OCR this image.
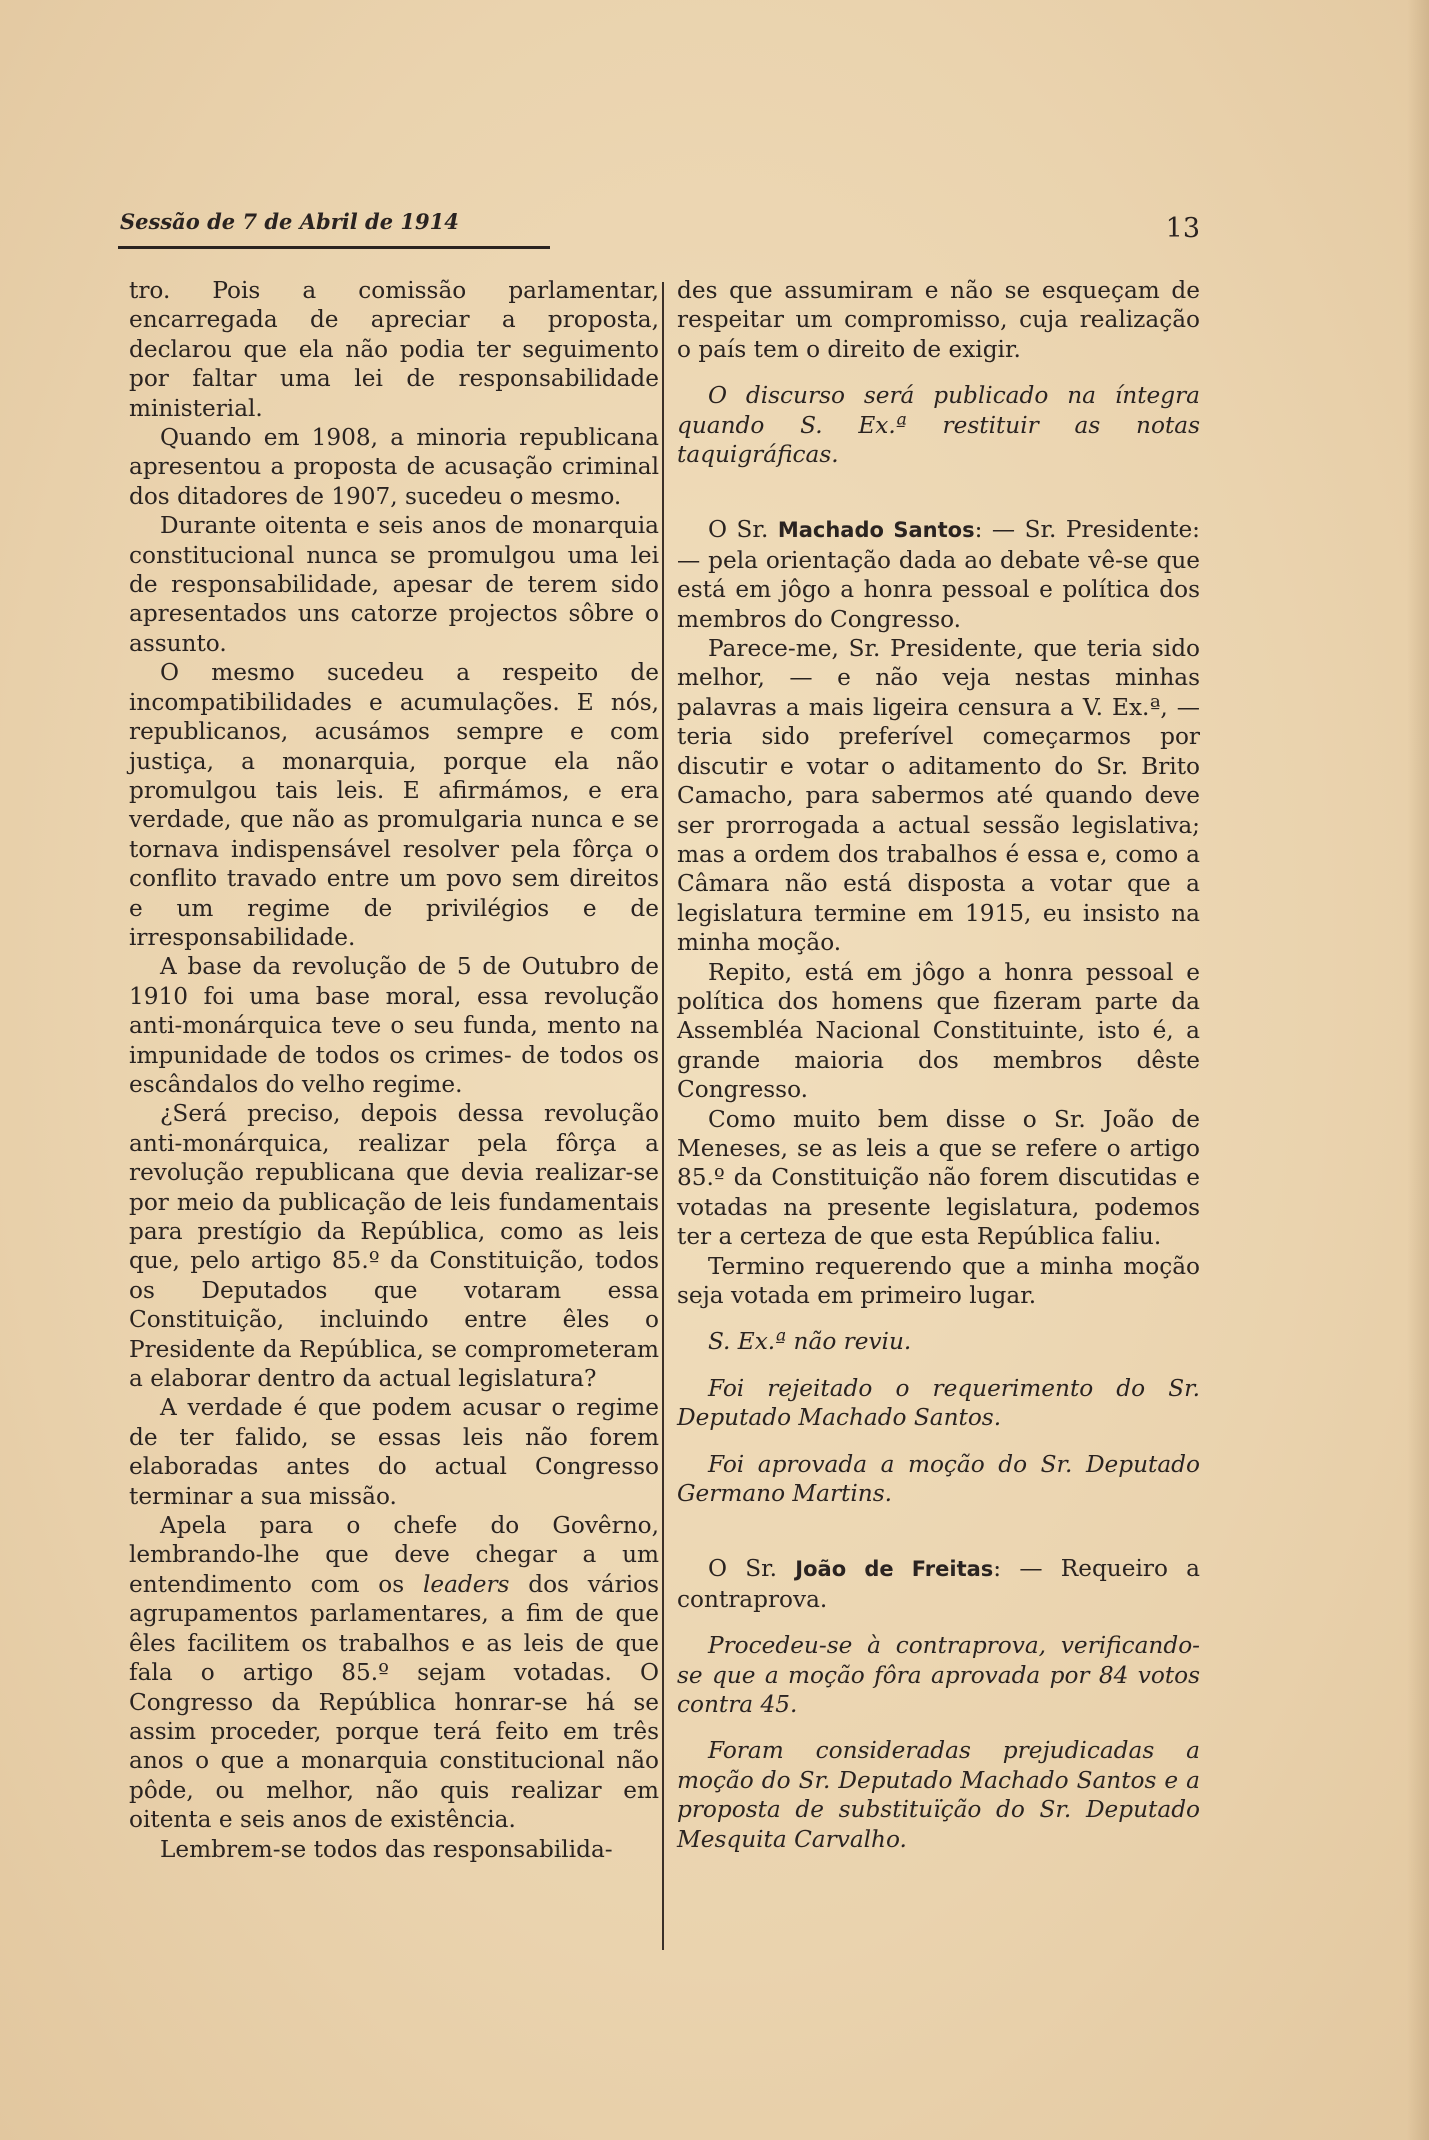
Sessão de 7 de Abril de 1914	13

tro. Pois a comissão parlamentar, encarregada de apreciar a proposta, declarou que ela não podia ter seguimento por faltar uma lei de responsabilidade ministerial.

Quando em 1908, a minoria republicana apresentou a proposta de acusação criminal dos ditadores de 1907, sucedeu o mesmo.

Durante oitenta e seis anos de monarquia constitucional nunca se promulgou uma lei de responsabilidade, apesar de terem sido apresentados uns catorze projectos sôbre o assunto.

O mesmo sucedeu a respeito de incompatibilidades e acumulações. E nós, republicanos, acusámos sempre e com justiça, a monarquia, porque ela não promulgou tais leis. E afirmámos, e era verdade, que não as promulgaria nunca e se tornava indispensável resolver pela fôrça o conflito travado entre um povo sem direitos e um regime de privilégios e de irresponsabilidade.

A base da revolução de 5 de Outubro de 1910 foi uma base moral, essa revolução anti-monárquica teve o seu funda, mento na impunidade de todos os crimes- de todos os escândalos do velho regime.

¿Será preciso, depois dessa revolução anti-monárquica, realizar pela fôrça a revolução republicana que devia realizar-se por meio da publicação de leis fundamentais para prestígio da República, como as leis que, pelo artigo 85.º da Constituição, todos os Deputados que votaram essa Constituição, incluindo entre êles o Presidente da República, se comprometeram a elaborar dentro da actual legislatura?

A verdade é que podem acusar o regime de ter falido, se essas leis não forem elaboradas antes do actual Congresso terminar a sua missão.

Apela para o chefe do Govêrno, lembrando-lhe que deve chegar a um entendimento com os leaders dos vários agrupamentos parlamentares, a fim de que êles facilitem os trabalhos e as leis de que fala o artigo 85.º sejam votadas. O Congresso da República honrar-se há se assim proceder, porque terá feito em três anos o que a monarquia constitucional não pôde, ou melhor, não quis realizar em oitenta e seis anos de existência.

Lembrem-se todos das responsabilida-

des que assumiram e não se esqueçam de respeitar um compromisso, cuja realização o país tem o direito de exigir.

O discurso será publicado na íntegra quando S. Ex.ª restituir as notas taquigráficas.

O Sr. Machado Santos: — Sr. Presidente: — pela orientação dada ao debate vê-se que está em jôgo a honra pessoal e política dos membros do Congresso.

Parece-me, Sr. Presidente, que teria sido melhor, — e não veja nestas minhas palavras a mais ligeira censura a V. Ex.ª, — teria sido preferível começarmos por discutir e votar o aditamento do Sr. Brito Camacho, para sabermos até quando deve ser prorrogada a actual sessão legislativa; mas a ordem dos trabalhos é essa e, como a Câmara não está disposta a votar que a legislatura termine em 1915, eu insisto na minha moção.

Repito, está em jôgo a honra pessoal e política dos homens que fizeram parte da Assembléa Nacional Constituinte, isto é, a grande maioria dos membros dêste Congresso.

Como muito bem disse o Sr. João de Meneses, se as leis a que se refere o artigo 85.º da Constituição não forem discutidas e votadas na presente legislatura, podemos ter a certeza de que esta República faliu.

Termino requerendo que a minha moção seja votada em primeiro lugar.

S. Ex.ª não reviu.

Foi rejeitado o requerimento do Sr. Deputado Machado Santos.

Foi aprovada a moção do Sr. Deputado Germano Martins.

O Sr. João de Freitas: — Requeiro a contraprova.

Procedeu-se à contraprova, verificando-se que a moção fôra aprovada por 84 votos contra 45.

Foram consideradas prejudicadas a moção do Sr. Deputado Machado Santos e a proposta de substituïção do Sr. Deputado Mesquita Carvalho.
